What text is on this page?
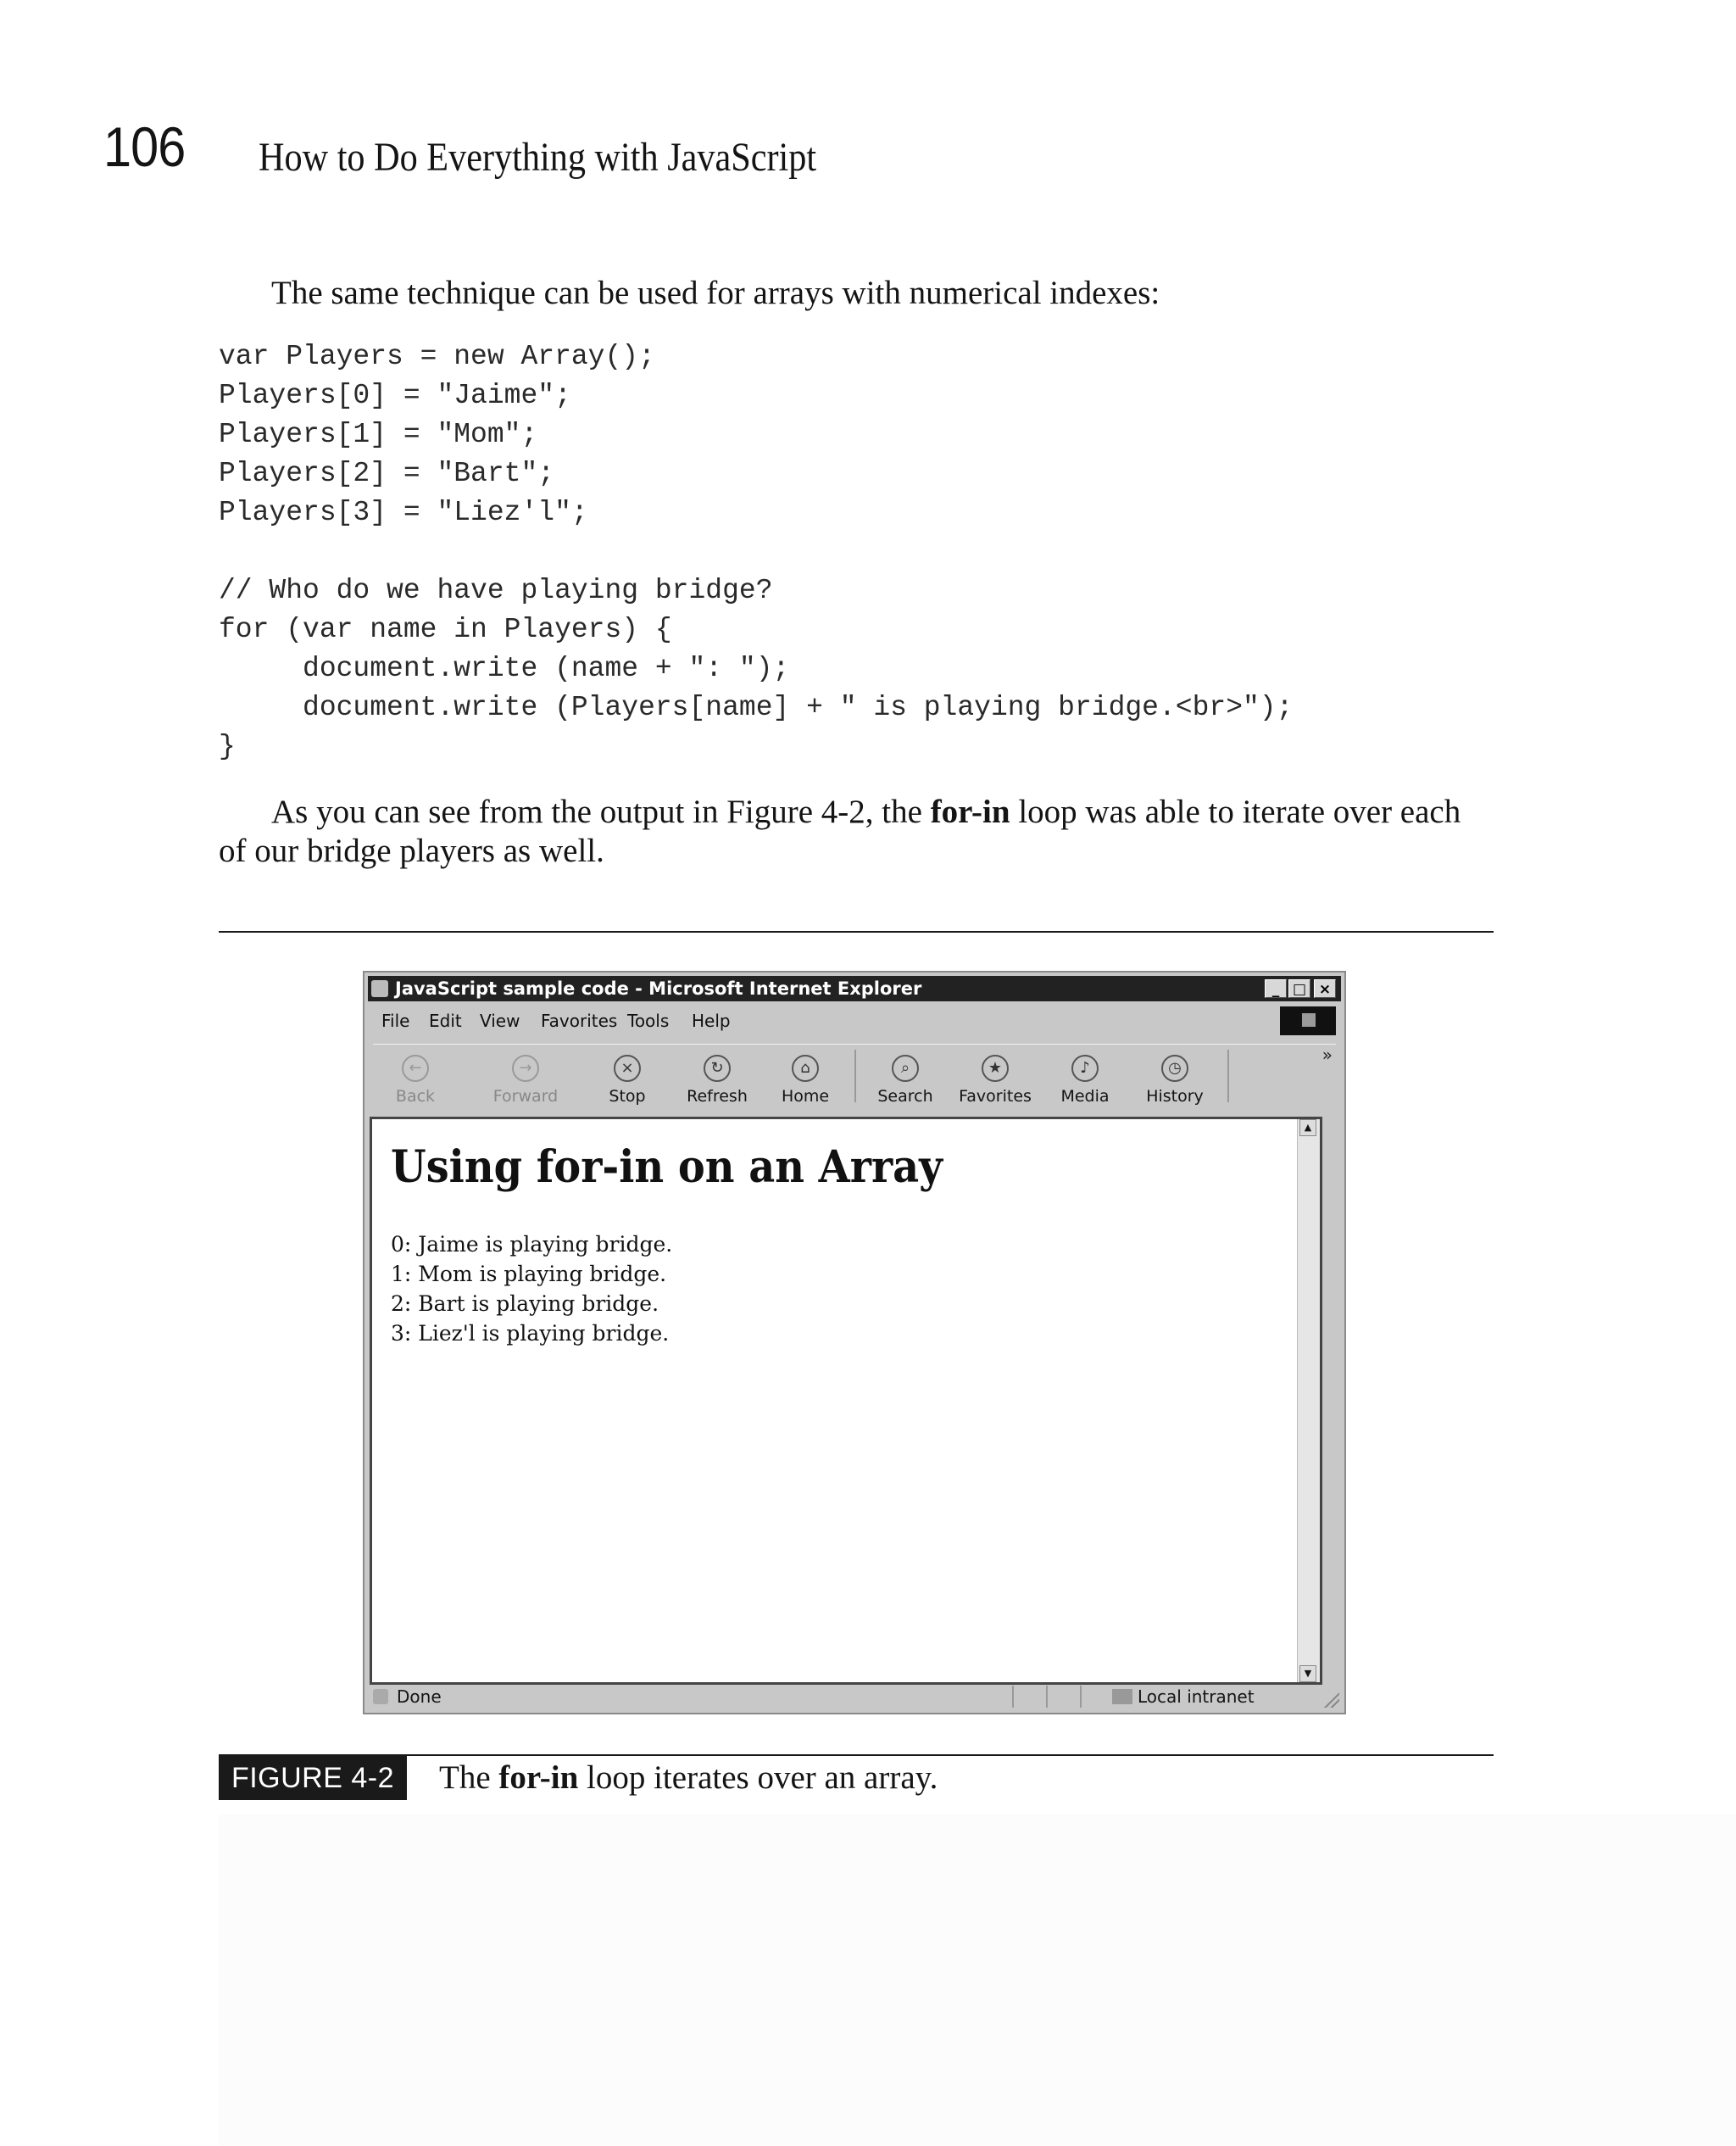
106 How to Do Everything with JavaScript
The same technique can be used for arrays with numerical indexes:
var Players = new Array();
Players[0] = "Jaime";
Players[1] = "Mom";
Players[2] = "Bart";
Players[3] = "Liez'l";

// Who do we have playing bridge?
for (var name in Players) {
document.write (name + ": ");
document.write (Players[name] + " is playing bridge.<br>");
}
As you can see from the output in Figure 4-2, the for-in loop was able to iterate over each of our bridge players as well.
JavaScript sample code - Microsoft Internet Explorer	_ □ ×
File Edit View Favorites Tools Help
←
Back
→
Forward
×
Stop
↻
Refresh
⌂
Home
⌕
Search
★
Favorites
♪
Media
◷
History
»
Using for-in on an Array
0: Jaime is playing bridge.
1: Mom is playing bridge.
2: Bart is playing bridge.
3: Liez'l is playing bridge.
▲
▼
Done	Local intranet
FIGURE 4-2	The for-in loop iterates over an array.
